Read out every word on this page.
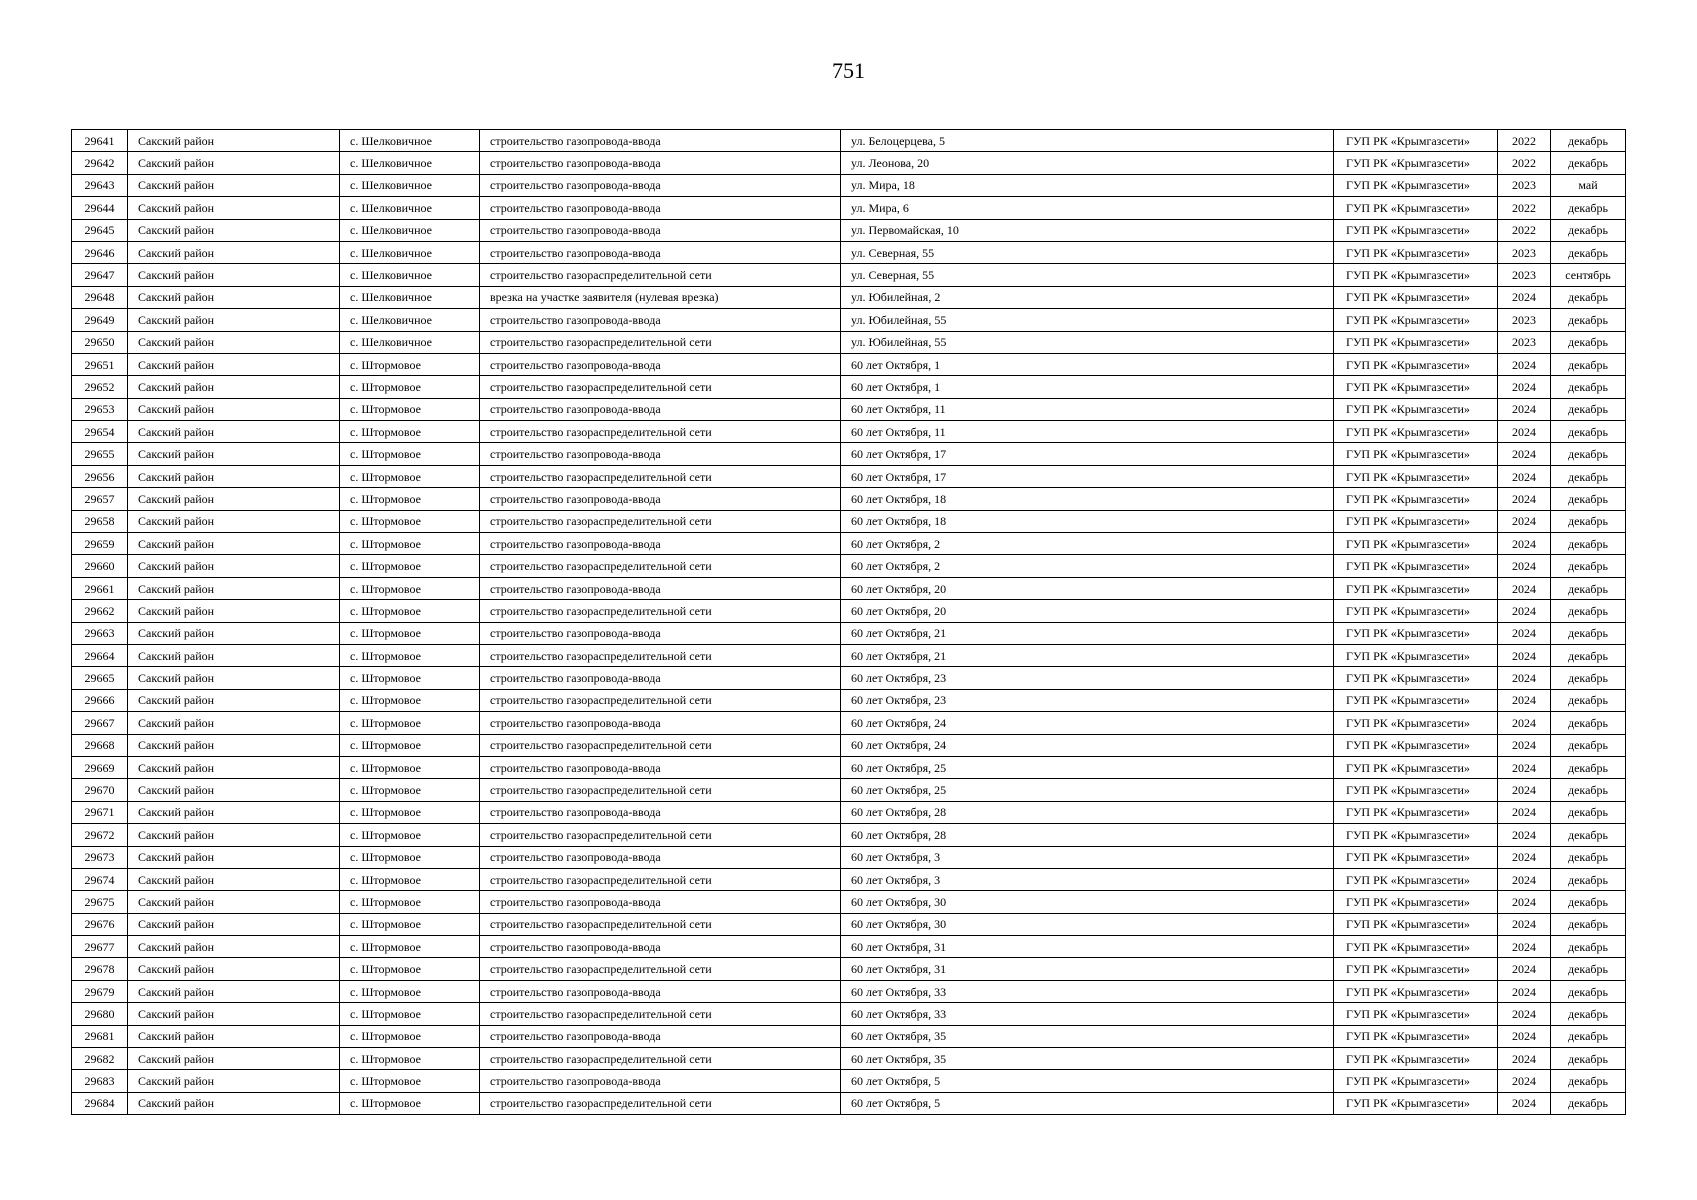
751
29641	Сакский район	с. Шелковичное	строительство газопровода-ввода	ул. Белоцерцева, 5	ГУП РК «Крымгазсети»	2022	декабрь
29642	Сакский район	с. Шелковичное	строительство газопровода-ввода	ул. Леонова, 20	ГУП РК «Крымгазсети»	2022	декабрь
29643	Сакский район	с. Шелковичное	строительство газопровода-ввода	ул. Мира, 18	ГУП РК «Крымгазсети»	2023	май
29644	Сакский район	с. Шелковичное	строительство газопровода-ввода	ул. Мира, 6	ГУП РК «Крымгазсети»	2022	декабрь
29645	Сакский район	с. Шелковичное	строительство газопровода-ввода	ул. Первомайская, 10	ГУП РК «Крымгазсети»	2022	декабрь
29646	Сакский район	с. Шелковичное	строительство газопровода-ввода	ул. Северная, 55	ГУП РК «Крымгазсети»	2023	декабрь
29647	Сакский район	с. Шелковичное	строительство газораспределительной сети	ул. Северная, 55	ГУП РК «Крымгазсети»	2023	сентябрь
29648	Сакский район	с. Шелковичное	врезка на участке заявителя (нулевая врезка)	ул. Юбилейная, 2	ГУП РК «Крымгазсети»	2024	декабрь
29649	Сакский район	с. Шелковичное	строительство газопровода-ввода	ул. Юбилейная, 55	ГУП РК «Крымгазсети»	2023	декабрь
29650	Сакский район	с. Шелковичное	строительство газораспределительной сети	ул. Юбилейная, 55	ГУП РК «Крымгазсети»	2023	декабрь
29651	Сакский район	с. Штормовое	строительство газопровода-ввода	60 лет Октября, 1	ГУП РК «Крымгазсети»	2024	декабрь
29652	Сакский район	с. Штормовое	строительство газораспределительной сети	60 лет Октября, 1	ГУП РК «Крымгазсети»	2024	декабрь
29653	Сакский район	с. Штормовое	строительство газопровода-ввода	60 лет Октября, 11	ГУП РК «Крымгазсети»	2024	декабрь
29654	Сакский район	с. Штормовое	строительство газораспределительной сети	60 лет Октября, 11	ГУП РК «Крымгазсети»	2024	декабрь
29655	Сакский район	с. Штормовое	строительство газопровода-ввода	60 лет Октября, 17	ГУП РК «Крымгазсети»	2024	декабрь
29656	Сакский район	с. Штормовое	строительство газораспределительной сети	60 лет Октября, 17	ГУП РК «Крымгазсети»	2024	декабрь
29657	Сакский район	с. Штормовое	строительство газопровода-ввода	60 лет Октября, 18	ГУП РК «Крымгазсети»	2024	декабрь
29658	Сакский район	с. Штормовое	строительство газораспределительной сети	60 лет Октября, 18	ГУП РК «Крымгазсети»	2024	декабрь
29659	Сакский район	с. Штормовое	строительство газопровода-ввода	60 лет Октября, 2	ГУП РК «Крымгазсети»	2024	декабрь
29660	Сакский район	с. Штормовое	строительство газораспределительной сети	60 лет Октября, 2	ГУП РК «Крымгазсети»	2024	декабрь
29661	Сакский район	с. Штормовое	строительство газопровода-ввода	60 лет Октября, 20	ГУП РК «Крымгазсети»	2024	декабрь
29662	Сакский район	с. Штормовое	строительство газораспределительной сети	60 лет Октября, 20	ГУП РК «Крымгазсети»	2024	декабрь
29663	Сакский район	с. Штормовое	строительство газопровода-ввода	60 лет Октября, 21	ГУП РК «Крымгазсети»	2024	декабрь
29664	Сакский район	с. Штормовое	строительство газораспределительной сети	60 лет Октября, 21	ГУП РК «Крымгазсети»	2024	декабрь
29665	Сакский район	с. Штормовое	строительство газопровода-ввода	60 лет Октября, 23	ГУП РК «Крымгазсети»	2024	декабрь
29666	Сакский район	с. Штормовое	строительство газораспределительной сети	60 лет Октября, 23	ГУП РК «Крымгазсети»	2024	декабрь
29667	Сакский район	с. Штормовое	строительство газопровода-ввода	60 лет Октября, 24	ГУП РК «Крымгазсети»	2024	декабрь
29668	Сакский район	с. Штормовое	строительство газораспределительной сети	60 лет Октября, 24	ГУП РК «Крымгазсети»	2024	декабрь
29669	Сакский район	с. Штормовое	строительство газопровода-ввода	60 лет Октября, 25	ГУП РК «Крымгазсети»	2024	декабрь
29670	Сакский район	с. Штормовое	строительство газораспределительной сети	60 лет Октября, 25	ГУП РК «Крымгазсети»	2024	декабрь
29671	Сакский район	с. Штормовое	строительство газопровода-ввода	60 лет Октября, 28	ГУП РК «Крымгазсети»	2024	декабрь
29672	Сакский район	с. Штормовое	строительство газораспределительной сети	60 лет Октября, 28	ГУП РК «Крымгазсети»	2024	декабрь
29673	Сакский район	с. Штормовое	строительство газопровода-ввода	60 лет Октября, 3	ГУП РК «Крымгазсети»	2024	декабрь
29674	Сакский район	с. Штормовое	строительство газораспределительной сети	60 лет Октября, 3	ГУП РК «Крымгазсети»	2024	декабрь
29675	Сакский район	с. Штормовое	строительство газопровода-ввода	60 лет Октября, 30	ГУП РК «Крымгазсети»	2024	декабрь
29676	Сакский район	с. Штормовое	строительство газораспределительной сети	60 лет Октября, 30	ГУП РК «Крымгазсети»	2024	декабрь
29677	Сакский район	с. Штормовое	строительство газопровода-ввода	60 лет Октября, 31	ГУП РК «Крымгазсети»	2024	декабрь
29678	Сакский район	с. Штормовое	строительство газораспределительной сети	60 лет Октября, 31	ГУП РК «Крымгазсети»	2024	декабрь
29679	Сакский район	с. Штормовое	строительство газопровода-ввода	60 лет Октября, 33	ГУП РК «Крымгазсети»	2024	декабрь
29680	Сакский район	с. Штормовое	строительство газораспределительной сети	60 лет Октября, 33	ГУП РК «Крымгазсети»	2024	декабрь
29681	Сакский район	с. Штормовое	строительство газопровода-ввода	60 лет Октября, 35	ГУП РК «Крымгазсети»	2024	декабрь
29682	Сакский район	с. Штормовое	строительство газораспределительной сети	60 лет Октября, 35	ГУП РК «Крымгазсети»	2024	декабрь
29683	Сакский район	с. Штормовое	строительство газопровода-ввода	60 лет Октября, 5	ГУП РК «Крымгазсети»	2024	декабрь
29684	Сакский район	с. Штормовое	строительство газораспределительной сети	60 лет Октября, 5	ГУП РК «Крымгазсети»	2024	декабрь
